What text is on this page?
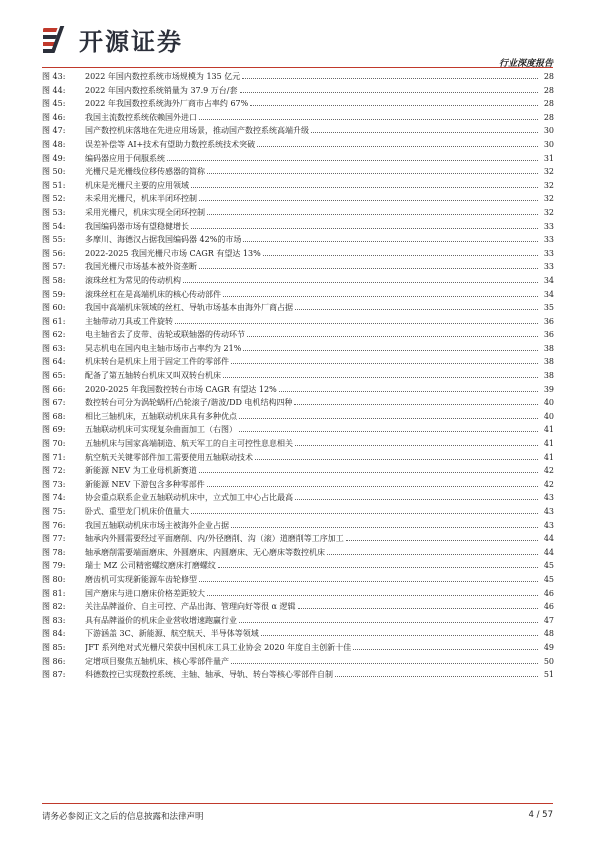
开源证券
行业深度报告
图 43:	2022 年国内数控系统市场规模为 135 亿元	28
图 44:	2022 年国内数控系统销量为 37.9 万台/套	28
图 45:	2022 年我国数控系统海外厂商市占率约 67%	28
图 46:	我国主流数控系统依赖国外进口	28
图 47:	国产数控机床落地在先进应用场景，推动国产数控系统高端升级	30
图 48:	误差补偿等 AI+技术有望助力数控系统技术突破	30
图 49:	编码器应用于伺服系统	31
图 50:	光栅尺是光栅线位移传感器的简称	32
图 51:	机床是光栅尺主要的应用领域	32
图 52:	未采用光栅尺，机床半闭环控制	32
图 53:	采用光栅尺，机床实现全闭环控制	32
图 54:	我国编码器市场有望稳健增长	33
图 55:	多摩川、海德汉占据我国编码器 42%的市场	33
图 56:	2022-2025 我国光栅尺市场 CAGR 有望达 13%	33
图 57:	我国光栅尺市场基本被外资垄断	33
图 58:	滚珠丝杠为常见的传动机构	34
图 59:	滚珠丝杠在是高端机床的核心传动部件	34
图 60:	我国中高端机床领域的丝杠、导轨市场基本由海外厂商占据	35
图 61:	主轴带动刀具或工件旋转	36
图 62:	电主轴省去了皮带、齿轮或联轴器的传动环节	36
图 63:	昊志机电在国内电主轴市场市占率约为 21%	38
图 64:	机床转台是机床上用于固定工件的零部件	38
图 65:	配备了第五轴转台机床又叫双转台机床	38
图 66:	2020-2025 年我国数控转台市场 CAGR 有望达 12%	39
图 67:	数控转台可分为涡轮蜗杆/凸轮滚子/谐波/DD 电机结构四种	40
图 68:	相比三轴机床，五轴联动机床具有多种优点	40
图 69:	五轴联动机床可实现复杂曲面加工（右图）	41
图 70:	五轴机床与国家高端制造、航天军工的自主可控性息息相关	41
图 71:	航空航天关键零部件加工需要使用五轴联动技术	41
图 72:	新能源 NEV 为工业母机新赛道	42
图 73:	新能源 NEV 下游包含多种零部件	42
图 74:	协会重点联系企业五轴联动机床中，立式加工中心占比最高	43
图 75:	卧式、重型龙门机床价值量大	43
图 76:	我国五轴联动机床市场主被海外企业占据	43
图 77:	轴承内外圆需要经过平面磨削、内/外径磨削、沟（滚）道磨削等工序加工	44
图 78:	轴承磨削需要端面磨床、外圆磨床、内圆磨床、无心磨床等数控机床	44
图 79:	瑞士 MZ 公司精密螺纹磨床打磨螺纹	45
图 80:	磨齿机可实现新能源车齿轮修型	45
图 81:	国产磨床与进口磨床价格差距较大	46
图 82:	关注品牌溢价、自主可控、产品出海、管理向好等很 α 逻辑	46
图 83:	具有品牌溢价的机床企业营收增速跑赢行业	47
图 84:	下游涵盖 3C、新能源、航空航天、半导体等领域	48
图 85:	JFT 系列绝对式光栅尺荣获中国机床工具工业协会 2020 年度自主创新十佳	49
图 86:	定增项目聚焦五轴机床、核心零部件量产	50
图 87:	科德数控已实现数控系统、主轴、轴承、导轨、转台等核心零部件自制	51
请务必参阅正文之后的信息披露和法律声明	4 / 57
